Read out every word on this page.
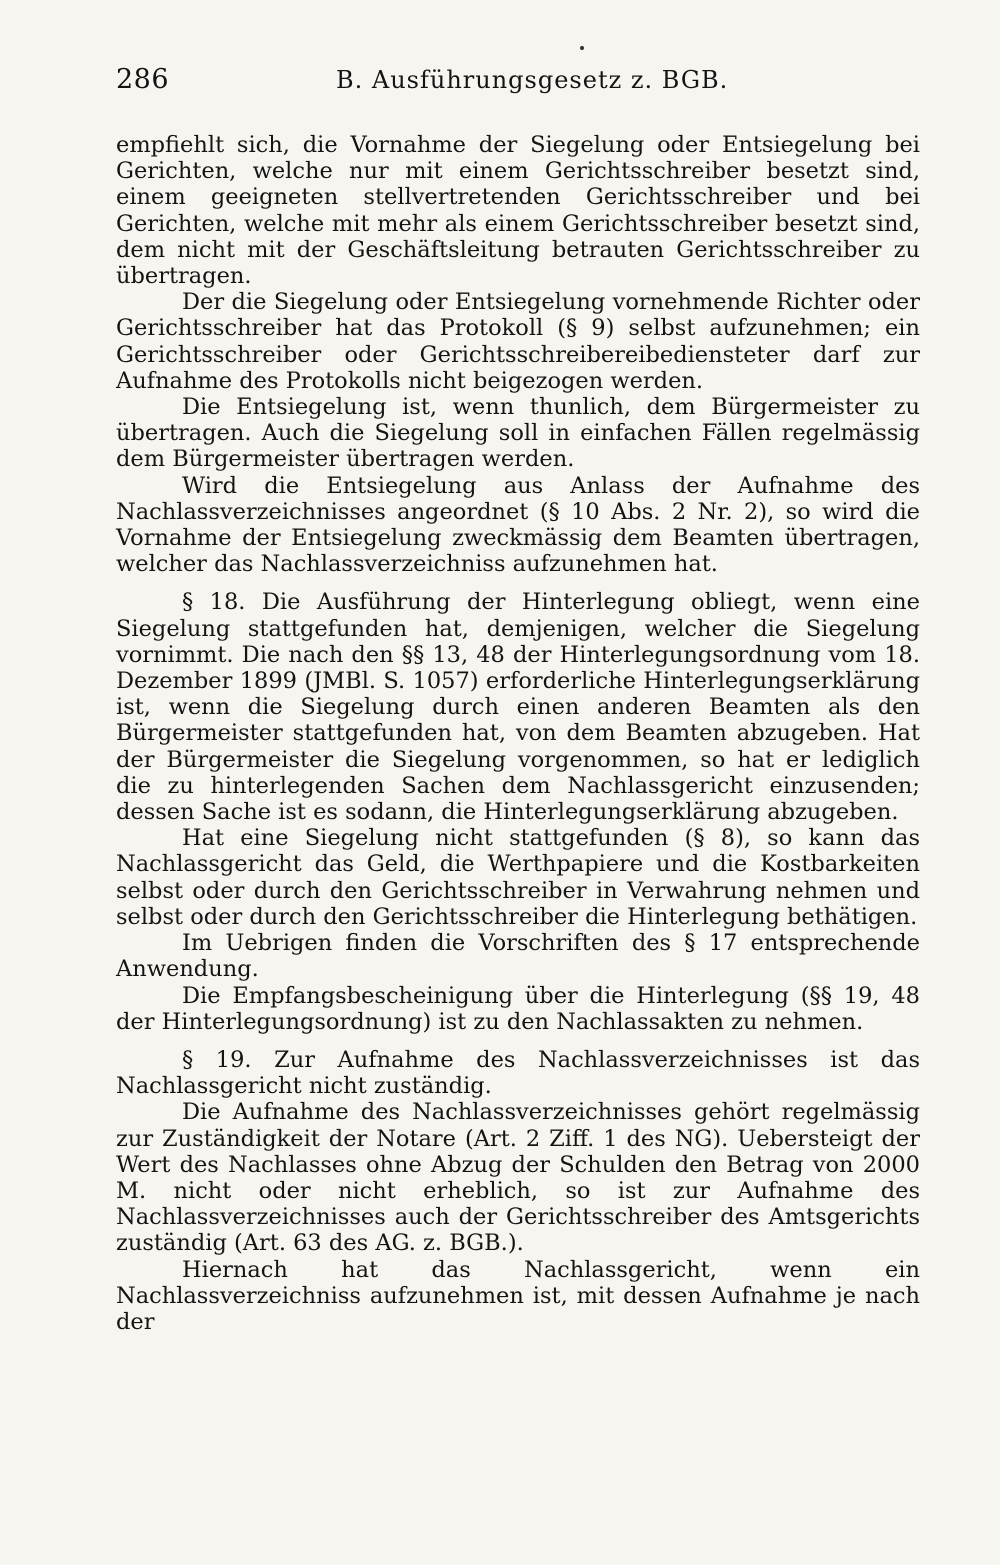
286	B. Ausführungsgesetz z. BGB.

empfiehlt sich, die Vornahme der Siegelung oder Entsiegelung bei Gerichten, welche nur mit einem Gerichtsschreiber besetzt sind, einem geeigneten stellvertretenden Gerichtsschreiber und bei Gerichten, welche mit mehr als einem Gerichtsschreiber besetzt sind, dem nicht mit der Geschäftsleitung betrauten Gerichtsschreiber zu übertragen.

Der die Siegelung oder Entsiegelung vornehmende Richter oder Gerichtsschreiber hat das Protokoll (§ 9) selbst aufzunehmen; ein Gerichtsschreiber oder Gerichtsschreibereibediensteter darf zur Aufnahme des Protokolls nicht beigezogen werden.

Die Entsiegelung ist, wenn thunlich, dem Bürgermeister zu übertragen. Auch die Siegelung soll in einfachen Fällen regelmässig dem Bürgermeister übertragen werden.

Wird die Entsiegelung aus Anlass der Aufnahme des Nachlassverzeichnisses angeordnet (§ 10 Abs. 2 Nr. 2), so wird die Vornahme der Entsiegelung zweckmässig dem Beamten übertragen, welcher das Nachlassverzeichniss aufzunehmen hat.

§ 18. Die Ausführung der Hinterlegung obliegt, wenn eine Siegelung stattgefunden hat, demjenigen, welcher die Siegelung vornimmt. Die nach den §§ 13, 48 der Hinterlegungsordnung vom 18. Dezember 1899 (JMBl. S. 1057) erforderliche Hinterlegungserklärung ist, wenn die Siegelung durch einen anderen Beamten als den Bürgermeister stattgefunden hat, von dem Beamten abzugeben. Hat der Bürgermeister die Siegelung vorgenommen, so hat er lediglich die zu hinterlegenden Sachen dem Nachlassgericht einzusenden; dessen Sache ist es sodann, die Hinterlegungserklärung abzugeben.

Hat eine Siegelung nicht stattgefunden (§ 8), so kann das Nachlassgericht das Geld, die Werthpapiere und die Kostbarkeiten selbst oder durch den Gerichtsschreiber in Verwahrung nehmen und selbst oder durch den Gerichtsschreiber die Hinterlegung bethätigen.

Im Uebrigen finden die Vorschriften des § 17 entsprechende Anwendung.

Die Empfangsbescheinigung über die Hinterlegung (§§ 19, 48 der Hinterlegungsordnung) ist zu den Nachlassakten zu nehmen.

§ 19. Zur Aufnahme des Nachlassverzeichnisses ist das Nachlassgericht nicht zuständig.

Die Aufnahme des Nachlassverzeichnisses gehört regelmässig zur Zuständigkeit der Notare (Art. 2 Ziff. 1 des NG). Uebersteigt der Wert des Nachlasses ohne Abzug der Schulden den Betrag von 2000 M. nicht oder nicht erheblich, so ist zur Aufnahme des Nachlassverzeichnisses auch der Gerichtsschreiber des Amtsgerichts zuständig (Art. 63 des AG. z. BGB.).

Hiernach hat das Nachlassgericht, wenn ein Nachlassverzeichniss aufzunehmen ist, mit dessen Aufnahme je nach der
